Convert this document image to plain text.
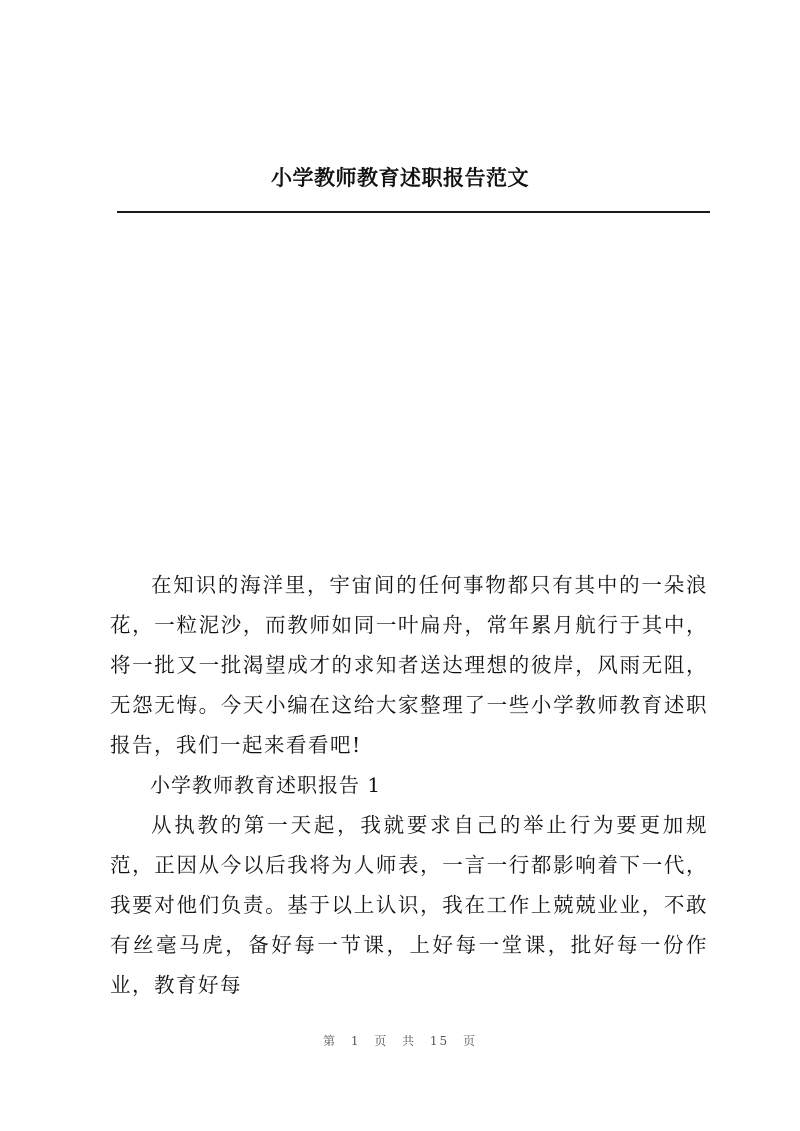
小学教师教育述职报告范文

在知识的海洋里，宇宙间的任何事物都只有其中的一朵浪花，一粒泥沙，而教师如同一叶扁舟，常年累月航行于其中，将一批又一批渴望成才的求知者送达理想的彼岸，风雨无阻，无怨无悔。今天小编在这给大家整理了一些小学教师教育述职报告，我们一起来看看吧!

小学教师教育述职报告 1

从执教的第一天起，我就要求自己的举止行为要更加规范，正因从今以后我将为人师表，一言一行都影响着下一代，我要对他们负责。基于以上认识，我在工作上兢兢业业，不敢有丝毫马虎，备好每一节课，上好每一堂课，批好每一份作业，教育好每

第 1 页 共 15 页
